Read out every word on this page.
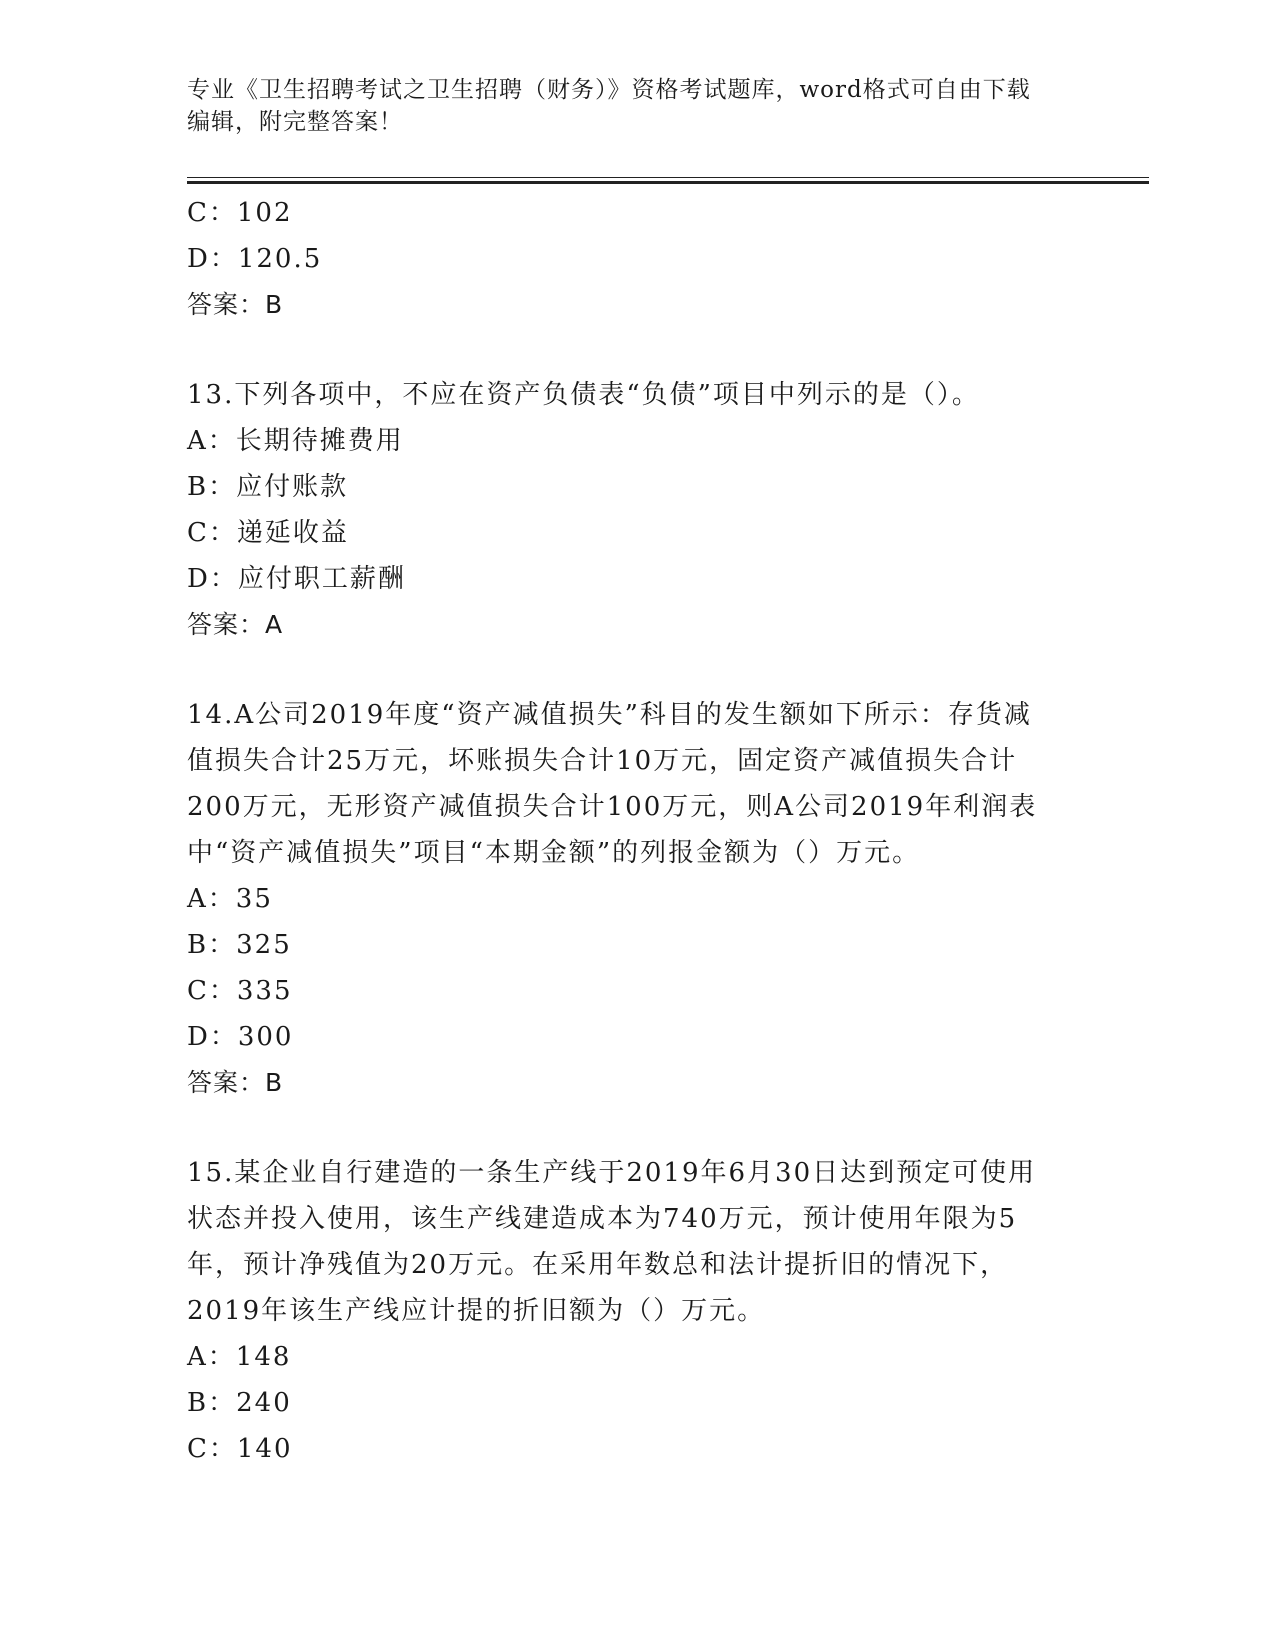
专业《卫生招聘考试之卫生招聘（财务）》资格考试题库，word格式可自由下载
编辑，附完整答案！
C：102
D：120.5
答案：B
13.下列各项中，不应在资产负债表“负债”项目中列示的是（）。
A：长期待摊费用
B：应付账款
C：递延收益
D：应付职工薪酬
答案：A
14.A公司2019年度“资产减值损失”科目的发生额如下所示：存货减
值损失合计25万元，坏账损失合计10万元，固定资产减值损失合计
200万元，无形资产减值损失合计100万元，则A公司2019年利润表
中“资产减值损失”项目“本期金额”的列报金额为（）万元。
A：35
B：325
C：335
D：300
答案：B
15.某企业自行建造的一条生产线于2019年6月30日达到预定可使用
状态并投入使用，该生产线建造成本为740万元，预计使用年限为5
年，预计净残值为20万元。在采用年数总和法计提折旧的情况下，
2019年该生产线应计提的折旧额为（）万元。
A：148
B：240
C：140
